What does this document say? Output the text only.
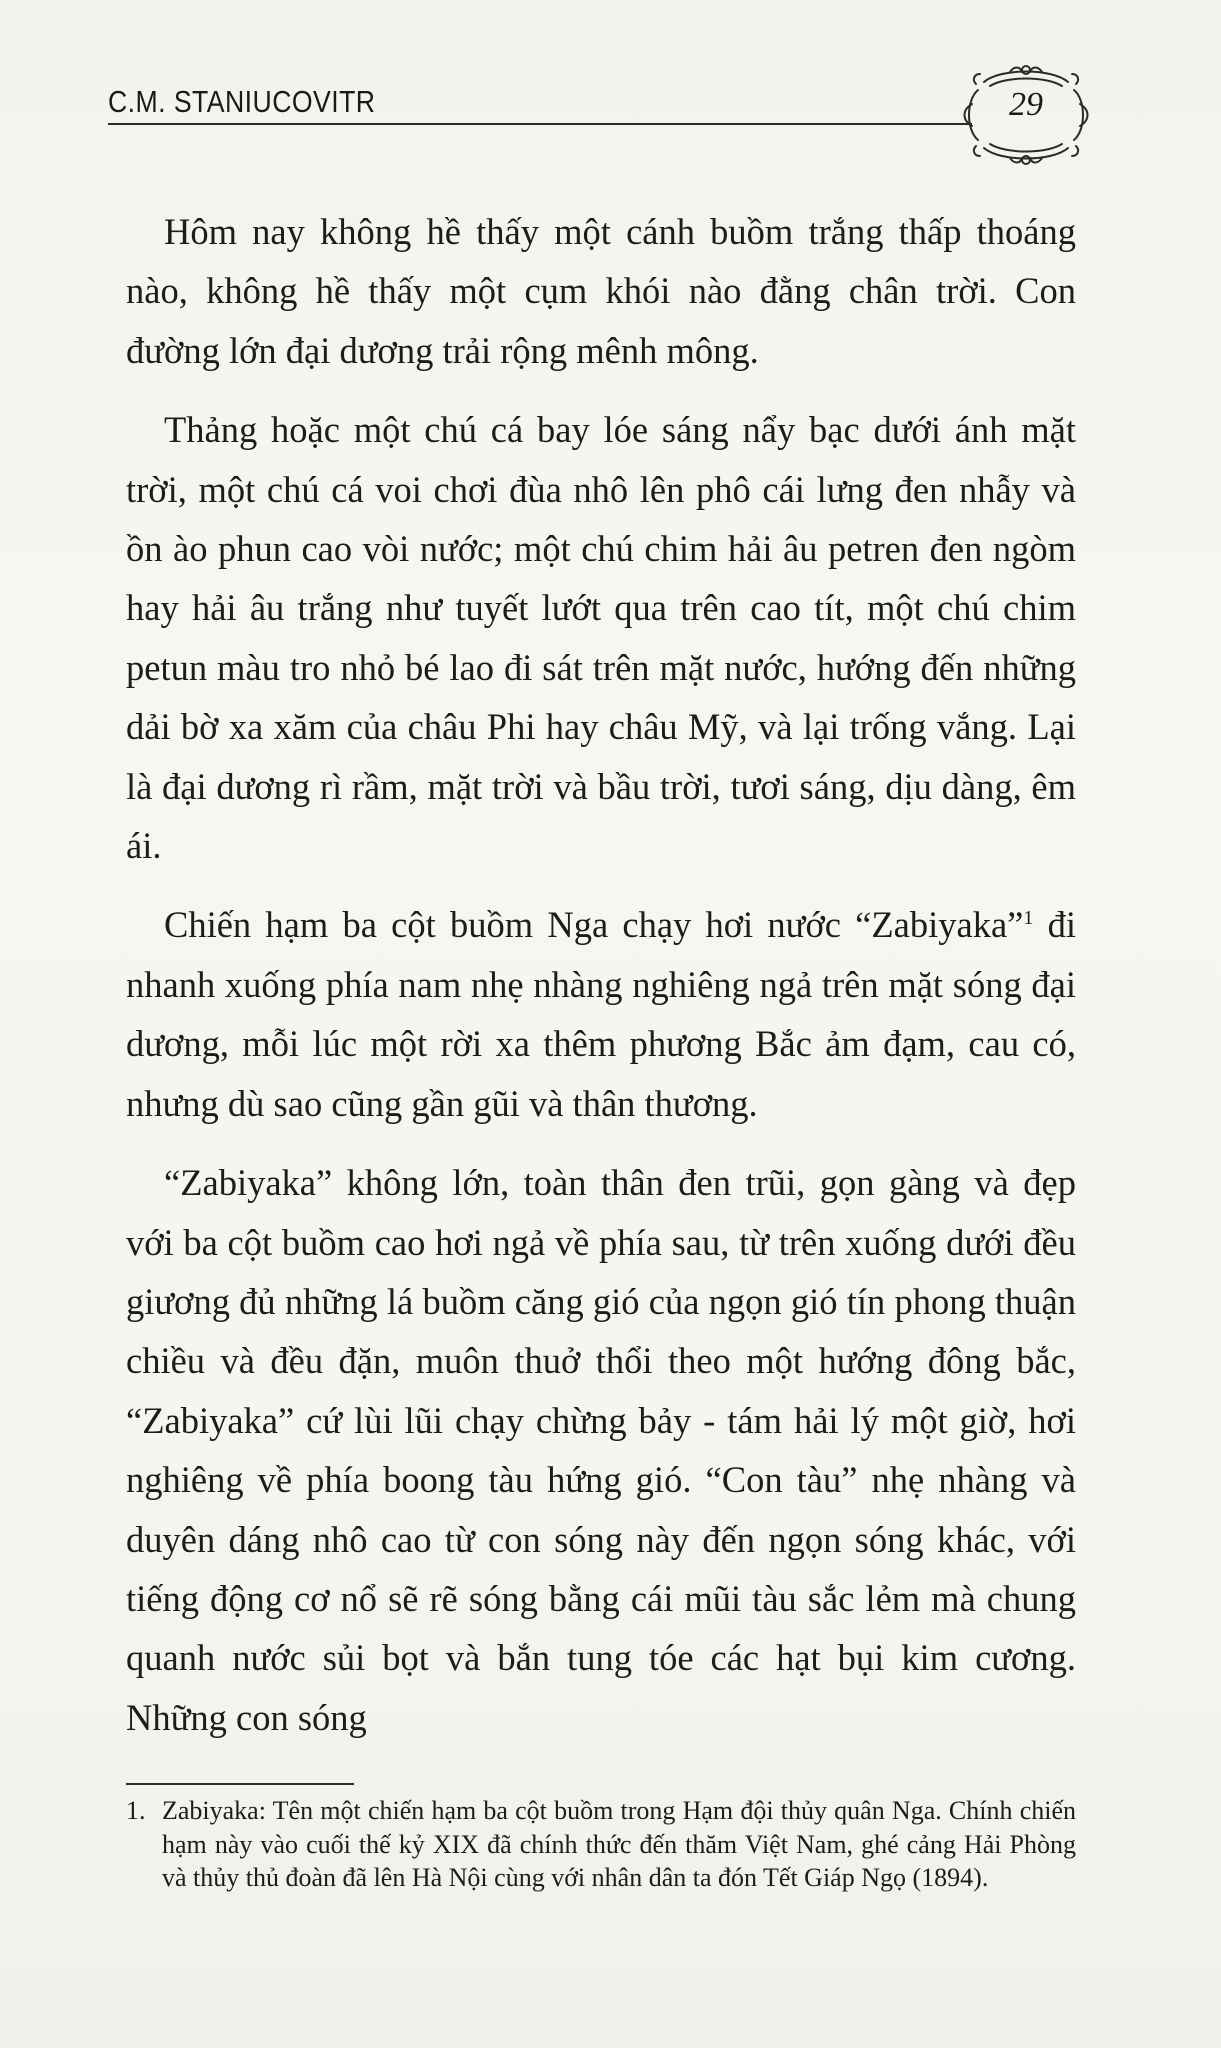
C.M. STANIUCOVITR	29

Hôm nay không hề thấy một cánh buồm trắng thấp thoáng nào, không hề thấy một cụm khói nào đằng chân trời. Con đường lớn đại dương trải rộng mênh mông.

Thảng hoặc một chú cá bay lóe sáng nẩy bạc dưới ánh mặt trời, một chú cá voi chơi đùa nhô lên phô cái lưng đen nhẫy và ồn ào phun cao vòi nước; một chú chim hải âu petren đen ngòm hay hải âu trắng như tuyết lướt qua trên cao tít, một chú chim petun màu tro nhỏ bé lao đi sát trên mặt nước, hướng đến những dải bờ xa xăm của châu Phi hay châu Mỹ, và lại trống vắng. Lại là đại dương rì rầm, mặt trời và bầu trời, tươi sáng, dịu dàng, êm ái.

Chiến hạm ba cột buồm Nga chạy hơi nước “Zabiyaka”$^1$ đi nhanh xuống phía nam nhẹ nhàng nghiêng ngả trên mặt sóng đại dương, mỗi lúc một rời xa thêm phương Bắc ảm đạm, cau có, nhưng dù sao cũng gần gũi và thân thương.

“Zabiyaka” không lớn, toàn thân đen trũi, gọn gàng và đẹp với ba cột buồm cao hơi ngả về phía sau, từ trên xuống dưới đều giương đủ những lá buồm căng gió của ngọn gió tín phong thuận chiều và đều đặn, muôn thuở thổi theo một hướng đông bắc, “Zabiyaka” cứ lùi lũi chạy chừng bảy - tám hải lý một giờ, hơi nghiêng về phía boong tàu hứng gió. “Con tàu” nhẹ nhàng và duyên dáng nhô cao từ con sóng này đến ngọn sóng khác, với tiếng động cơ nổ sẽ rẽ sóng bằng cái mũi tàu sắc lẻm mà chung quanh nước sủi bọt và bắn tung tóe các hạt bụi kim cương. Những con sóng

1. Zabiyaka: Tên một chiến hạm ba cột buồm trong Hạm đội thủy quân Nga. Chính chiến hạm này vào cuối thế kỷ XIX đã chính thức đến thăm Việt Nam, ghé cảng Hải Phòng và thủy thủ đoàn đã lên Hà Nội cùng với nhân dân ta đón Tết Giáp Ngọ (1894).
